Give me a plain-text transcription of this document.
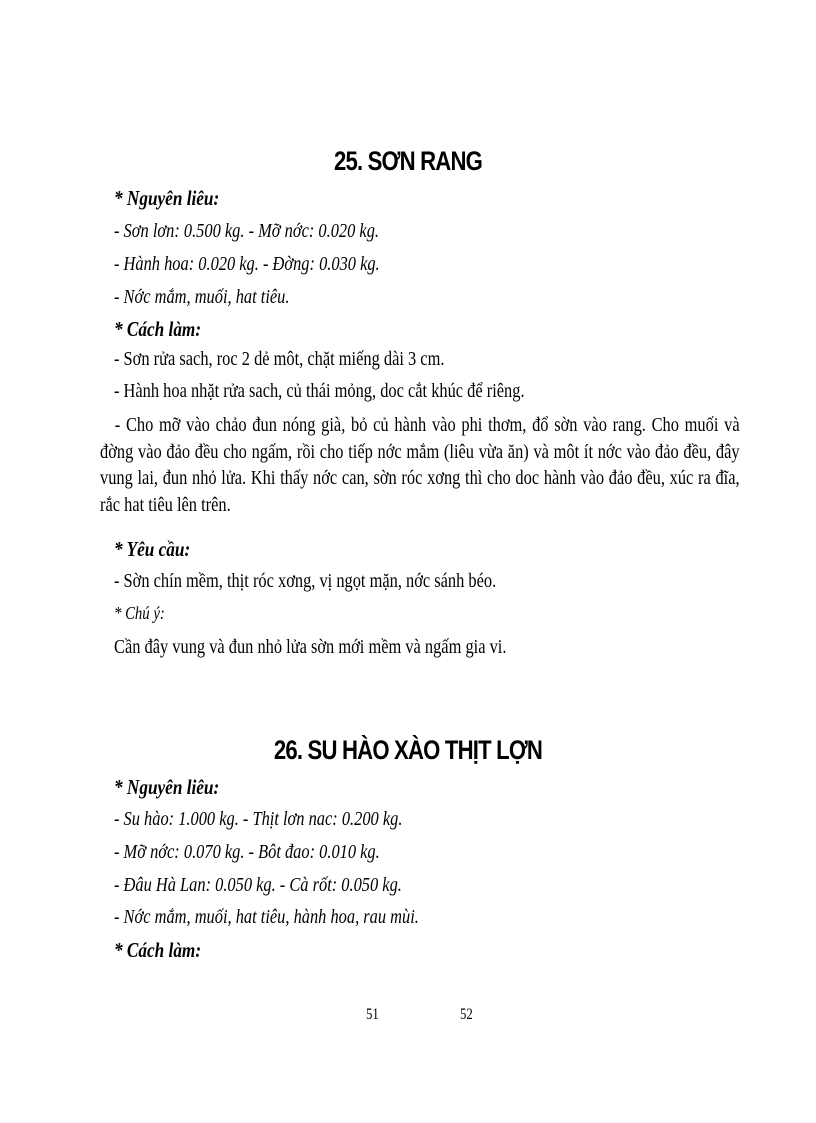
25. SƠN RANG
* Nguyên liêu:
- Sơn lơn: 0.500 kg. - Mỡ nớc: 0.020 kg.
- Hành hoa: 0.020 kg. - Đờng: 0.030 kg.
- Nớc mắm, muối, hat tiêu.
* Cách làm:
- Sơn rửa sach, roc 2 dẻ môt, chặt miếng dài 3 cm.
- Hành hoa nhặt rửa sach, củ thái mỏng, doc cắt khúc để riêng.
- Cho mỡ vào chảo đun nóng già, bỏ củ hành vào phi thơm, đổ sờn vào rang. Cho muối và đờng vào đảo đều cho ngấm, rồi cho tiếp nớc mắm (liêu vừa ăn) và môt ít nớc vào đảo đều, đây vung lai, đun nhỏ lửa. Khi thấy nớc can, sờn róc xơng thì cho doc hành vào đảo đều, xúc ra đĩa, rắc hat tiêu lên trên.
* Yêu cầu:
- Sờn chín mềm, thịt róc xơng, vị ngọt mặn, nớc sánh béo.
* Chú ý:
Cần đây vung và đun nhỏ lửa sờn mới mềm và ngấm gia vi.
26. SU HÀO XÀO THỊT LỢN
* Nguyên liêu:
- Su hào: 1.000 kg. - Thịt lơn nac: 0.200 kg.
- Mỡ nớc: 0.070 kg. - Bôt đao: 0.010 kg.
- Đâu Hà Lan: 0.050 kg. - Cà rốt: 0.050 kg.
- Nớc mắm, muối, hat tiêu, hành hoa, rau mùi.
* Cách làm:
51	52
